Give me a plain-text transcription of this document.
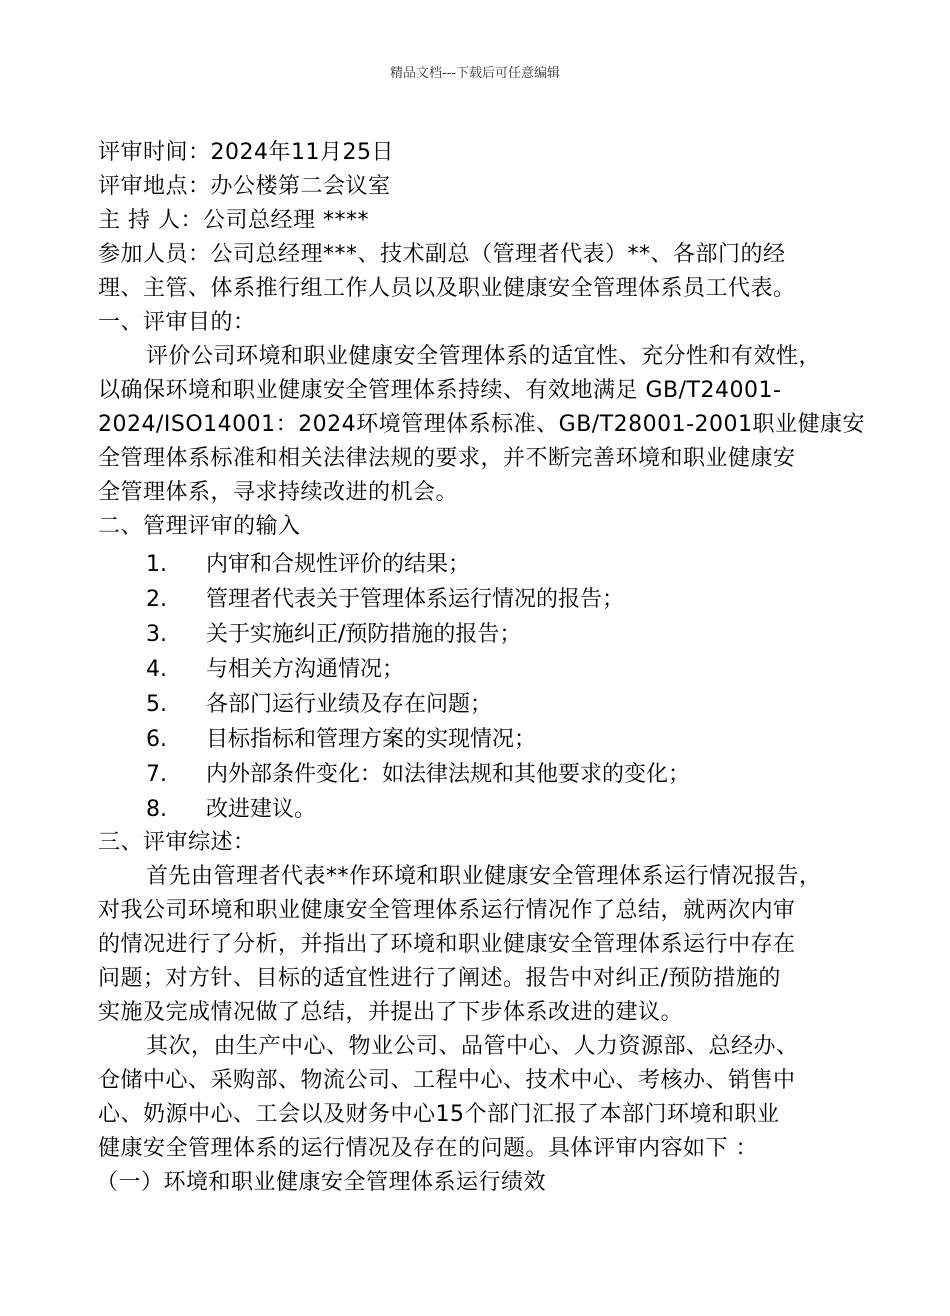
精品文档---下载后可任意编辑
评审时间：2024年11月25日
评审地点：办公楼第二会议室
主 持 人：公司总经理 ****
参加人员：公司总经理***、技术副总（管理者代表）**、各部门的经
理、主管、体系推行组工作人员以及职业健康安全管理体系员工代表。
一、评审目的：
评价公司环境和职业健康安全管理体系的适宜性、充分性和有效性，
以确保环境和职业健康安全管理体系持续、有效地满足 GB/T24001-
2024/ISO14001：2024环境管理体系标准、GB/T28001-2001职业健康安
全管理体系标准和相关法律法规的要求，并不断完善环境和职业健康安
全管理体系，寻求持续改进的机会。
二、管理评审的输入
1. 内审和合规性评价的结果；
2. 管理者代表关于管理体系运行情况的报告；
3. 关于实施纠正/预防措施的报告；
4. 与相关方沟通情况；
5. 各部门运行业绩及存在问题；
6. 目标指标和管理方案的实现情况；
7. 内外部条件变化：如法律法规和其他要求的变化；
8. 改进建议。
三、评审综述：
首先由管理者代表**作环境和职业健康安全管理体系运行情况报告，
对我公司环境和职业健康安全管理体系运行情况作了总结，就两次内审
的情况进行了分析，并指出了环境和职业健康安全管理体系运行中存在
问题；对方针、目标的适宜性进行了阐述。报告中对纠正/预防措施的
实施及完成情况做了总结，并提出了下步体系改进的建议。
其次，由生产中心、物业公司、品管中心、人力资源部、总经办、
仓储中心、采购部、物流公司、工程中心、技术中心、考核办、销售中
心、奶源中心、工会以及财务中心15个部门汇报了本部门环境和职业
健康安全管理体系的运行情况及存在的问题。具体评审内容如下 ：
（一）环境和职业健康安全管理体系运行绩效
